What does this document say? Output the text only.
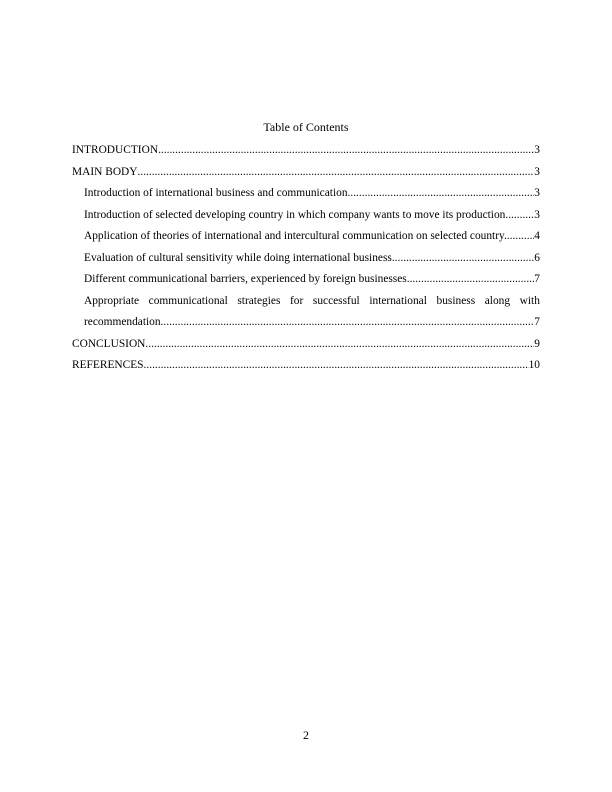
Table of Contents
INTRODUCTION .....	3
MAIN BODY .....	3
Introduction of international business and communication .....	3
Introduction of selected developing country in which company wants to move its production. ..... 3
Application of theories of international and intercultural communication on selected country. ..... 4
Evaluation of cultural sensitivity while doing international business .....	6
Different communicational barriers, experienced by foreign businesses .....	7
Appropriate communicational strategies for successful international business along with
recommendation .....	7
CONCLUSION .....	9
REFERENCES .....	10
2
